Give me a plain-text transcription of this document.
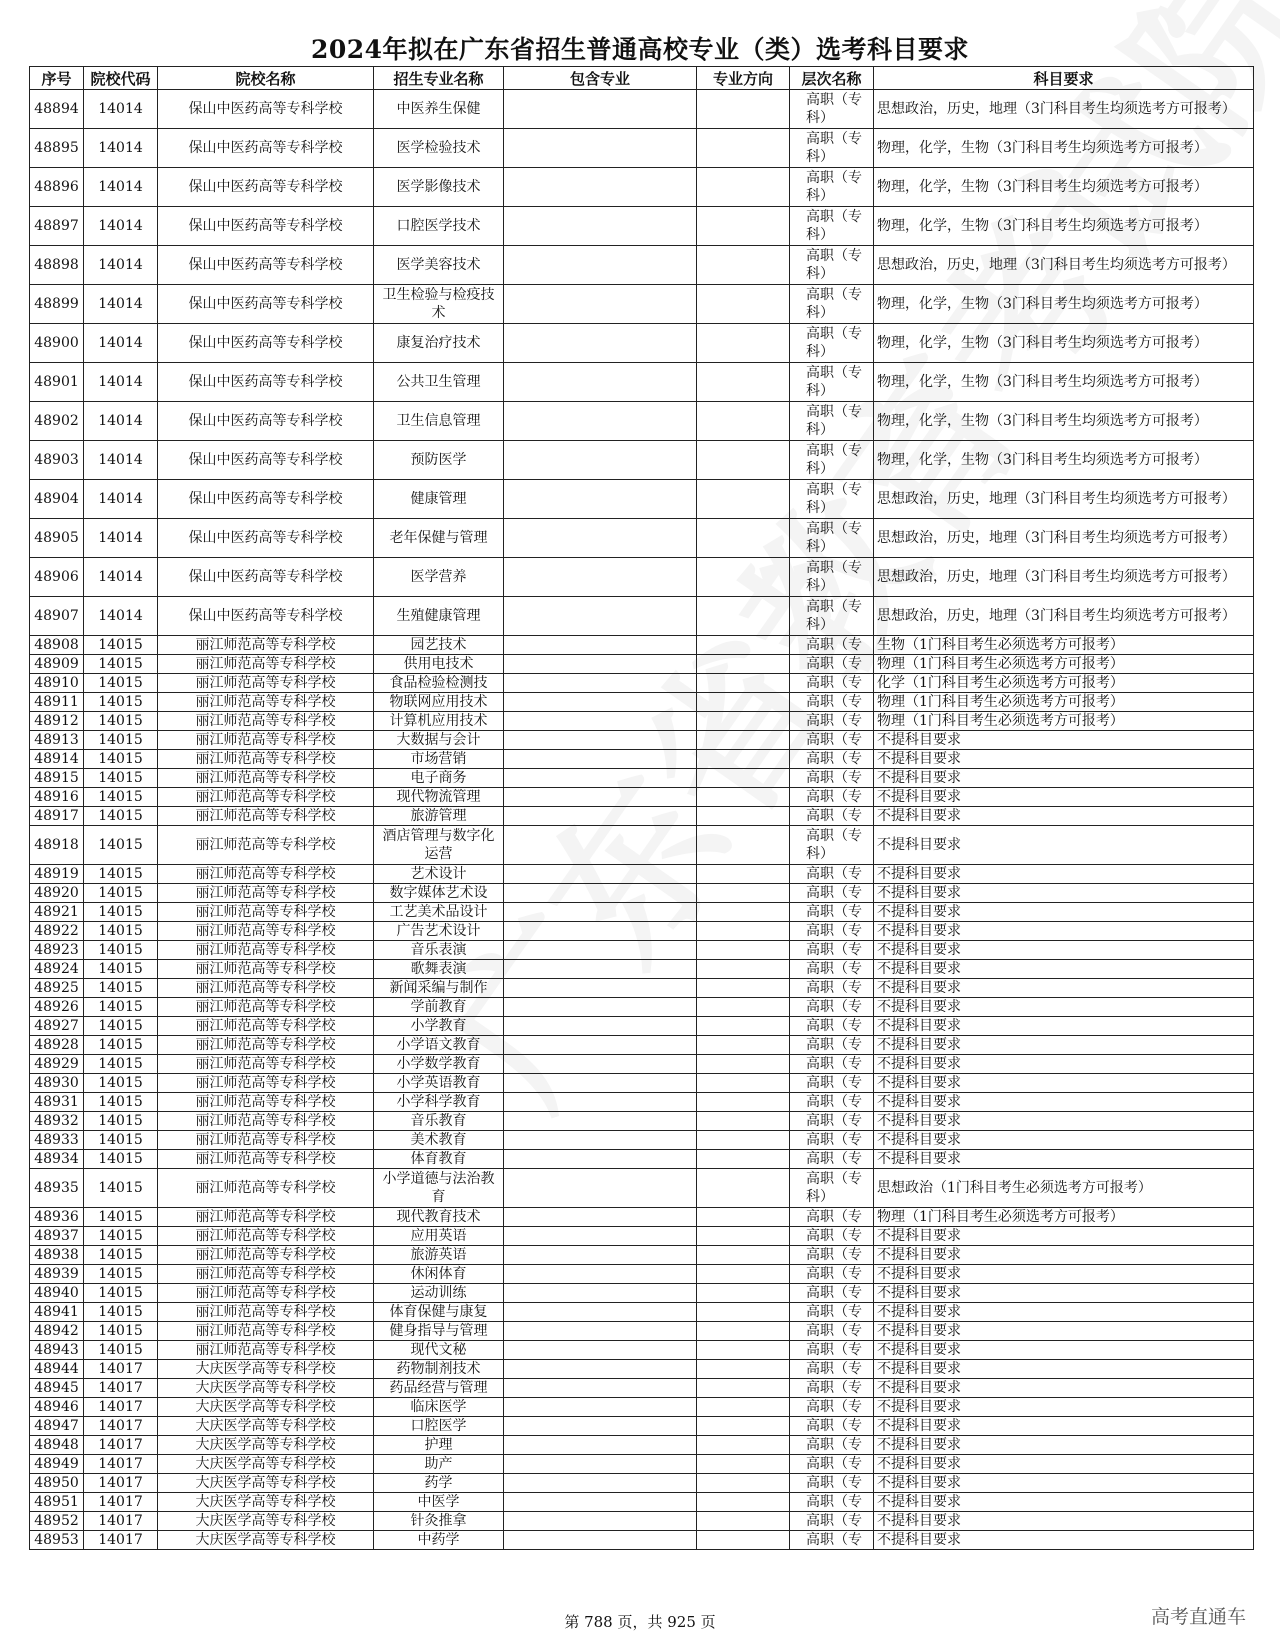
2024年拟在广东省招生普通高校专业（类）选考科目要求
序号	院校代码	院校名称	招生专业名称	包含专业	专业方向	层次名称	科目要求
48894	14014	保山中医药高等专科学校	中医养生保健			高职（专科）	思想政治，历史，地理（3门科目考生均须选考方可报考）
48895	14014	保山中医药高等专科学校	医学检验技术			高职（专科）	物理，化学，生物（3门科目考生均须选考方可报考）
48896	14014	保山中医药高等专科学校	医学影像技术			高职（专科）	物理，化学，生物（3门科目考生均须选考方可报考）
48897	14014	保山中医药高等专科学校	口腔医学技术			高职（专科）	物理，化学，生物（3门科目考生均须选考方可报考）
48898	14014	保山中医药高等专科学校	医学美容技术			高职（专科）	思想政治，历史，地理（3门科目考生均须选考方可报考）
48899	14014	保山中医药高等专科学校	卫生检验与检疫技术			高职（专科）	物理，化学，生物（3门科目考生均须选考方可报考）
48900	14014	保山中医药高等专科学校	康复治疗技术			高职（专科）	物理，化学，生物（3门科目考生均须选考方可报考）
48901	14014	保山中医药高等专科学校	公共卫生管理			高职（专科）	物理，化学，生物（3门科目考生均须选考方可报考）
48902	14014	保山中医药高等专科学校	卫生信息管理			高职（专科）	物理，化学，生物（3门科目考生均须选考方可报考）
48903	14014	保山中医药高等专科学校	预防医学			高职（专科）	物理，化学，生物（3门科目考生均须选考方可报考）
48904	14014	保山中医药高等专科学校	健康管理			高职（专科）	思想政治，历史，地理（3门科目考生均须选考方可报考）
48905	14014	保山中医药高等专科学校	老年保健与管理			高职（专科）	思想政治，历史，地理（3门科目考生均须选考方可报考）
48906	14014	保山中医药高等专科学校	医学营养			高职（专科）	思想政治，历史，地理（3门科目考生均须选考方可报考）
48907	14014	保山中医药高等专科学校	生殖健康管理			高职（专科）	思想政治，历史，地理（3门科目考生均须选考方可报考）
48908	14015	丽江师范高等专科学校	园艺技术			高职（专	生物（1门科目考生必须选考方可报考）
48909	14015	丽江师范高等专科学校	供用电技术			高职（专	物理（1门科目考生必须选考方可报考）
48910	14015	丽江师范高等专科学校	食品检验检测技			高职（专	化学（1门科目考生必须选考方可报考）
48911	14015	丽江师范高等专科学校	物联网应用技术			高职（专	物理（1门科目考生必须选考方可报考）
48912	14015	丽江师范高等专科学校	计算机应用技术			高职（专	物理（1门科目考生必须选考方可报考）
48913	14015	丽江师范高等专科学校	大数据与会计			高职（专	不提科目要求
48914	14015	丽江师范高等专科学校	市场营销			高职（专	不提科目要求
48915	14015	丽江师范高等专科学校	电子商务			高职（专	不提科目要求
48916	14015	丽江师范高等专科学校	现代物流管理			高职（专	不提科目要求
48917	14015	丽江师范高等专科学校	旅游管理			高职（专	不提科目要求
48918	14015	丽江师范高等专科学校	酒店管理与数字化运营			高职（专科）	不提科目要求
48919	14015	丽江师范高等专科学校	艺术设计			高职（专	不提科目要求
48920	14015	丽江师范高等专科学校	数字媒体艺术设			高职（专	不提科目要求
48921	14015	丽江师范高等专科学校	工艺美术品设计			高职（专	不提科目要求
48922	14015	丽江师范高等专科学校	广告艺术设计			高职（专	不提科目要求
48923	14015	丽江师范高等专科学校	音乐表演			高职（专	不提科目要求
48924	14015	丽江师范高等专科学校	歌舞表演			高职（专	不提科目要求
48925	14015	丽江师范高等专科学校	新闻采编与制作			高职（专	不提科目要求
48926	14015	丽江师范高等专科学校	学前教育			高职（专	不提科目要求
48927	14015	丽江师范高等专科学校	小学教育			高职（专	不提科目要求
48928	14015	丽江师范高等专科学校	小学语文教育			高职（专	不提科目要求
48929	14015	丽江师范高等专科学校	小学数学教育			高职（专	不提科目要求
48930	14015	丽江师范高等专科学校	小学英语教育			高职（专	不提科目要求
48931	14015	丽江师范高等专科学校	小学科学教育			高职（专	不提科目要求
48932	14015	丽江师范高等专科学校	音乐教育			高职（专	不提科目要求
48933	14015	丽江师范高等专科学校	美术教育			高职（专	不提科目要求
48934	14015	丽江师范高等专科学校	体育教育			高职（专	不提科目要求
48935	14015	丽江师范高等专科学校	小学道德与法治教育			高职（专科）	思想政治（1门科目考生必须选考方可报考）
48936	14015	丽江师范高等专科学校	现代教育技术			高职（专	物理（1门科目考生必须选考方可报考）
48937	14015	丽江师范高等专科学校	应用英语			高职（专	不提科目要求
48938	14015	丽江师范高等专科学校	旅游英语			高职（专	不提科目要求
48939	14015	丽江师范高等专科学校	休闲体育			高职（专	不提科目要求
48940	14015	丽江师范高等专科学校	运动训练			高职（专	不提科目要求
48941	14015	丽江师范高等专科学校	体育保健与康复			高职（专	不提科目要求
48942	14015	丽江师范高等专科学校	健身指导与管理			高职（专	不提科目要求
48943	14015	丽江师范高等专科学校	现代文秘			高职（专	不提科目要求
48944	14017	大庆医学高等专科学校	药物制剂技术			高职（专	不提科目要求
48945	14017	大庆医学高等专科学校	药品经营与管理			高职（专	不提科目要求
48946	14017	大庆医学高等专科学校	临床医学			高职（专	不提科目要求
48947	14017	大庆医学高等专科学校	口腔医学			高职（专	不提科目要求
48948	14017	大庆医学高等专科学校	护理			高职（专	不提科目要求
48949	14017	大庆医学高等专科学校	助产			高职（专	不提科目要求
48950	14017	大庆医学高等专科学校	药学			高职（专	不提科目要求
48951	14017	大庆医学高等专科学校	中医学			高职（专	不提科目要求
48952	14017	大庆医学高等专科学校	针灸推拿			高职（专	不提科目要求
48953	14017	大庆医学高等专科学校	中药学			高职（专	不提科目要求
第 788 页，共 925 页	高考直通车
